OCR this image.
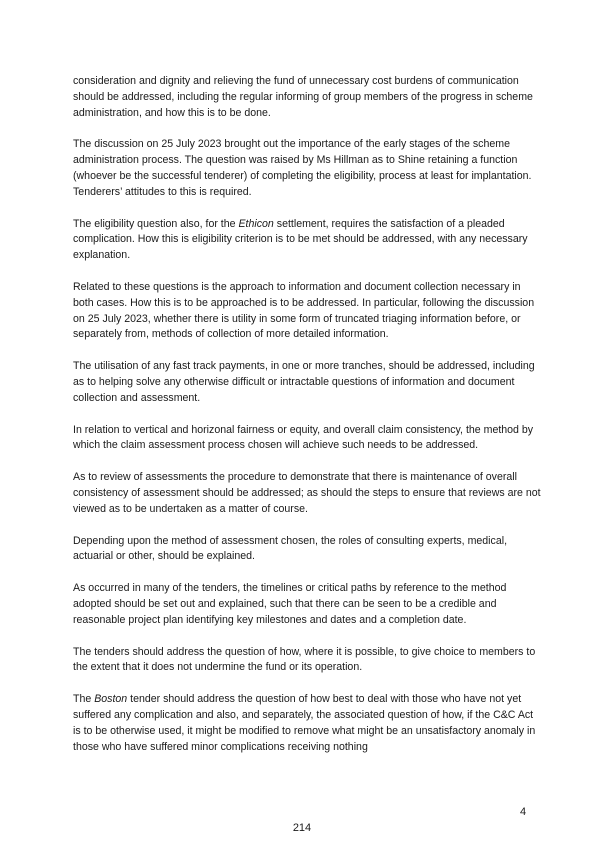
consideration and dignity and relieving the fund of unnecessary cost burdens of communication should be addressed, including the regular informing of group members of the progress in scheme administration, and how this is to be done.

The discussion on 25 July 2023 brought out the importance of the early stages of the scheme administration process. The question was raised by Ms Hillman as to Shine retaining a function (whoever be the successful tenderer) of completing the eligibility, process at least for implantation. Tenderers’ attitudes to this is required.

The eligibility question also, for the Ethicon settlement, requires the satisfaction of a pleaded complication. How this is eligibility criterion is to be met should be addressed, with any necessary explanation.

Related to these questions is the approach to information and document collection necessary in both cases. How this is to be approached is to be addressed. In particular, following the discussion on 25 July 2023, whether there is utility in some form of truncated triaging information before, or separately from, methods of collection of more detailed information.

The utilisation of any fast track payments, in one or more tranches, should be addressed, including as to helping solve any otherwise difficult or intractable questions of information and document collection and assessment.

In relation to vertical and horizonal fairness or equity, and overall claim consistency, the method by which the claim assessment process chosen will achieve such needs to be addressed.

As to review of assessments the procedure to demonstrate that there is maintenance of overall consistency of assessment should be addressed; as should the steps to ensure that reviews are not viewed as to be undertaken as a matter of course.

Depending upon the method of assessment chosen, the roles of consulting experts, medical, actuarial or other, should be explained.

As occurred in many of the tenders, the timelines or critical paths by reference to the method adopted should be set out and explained, such that there can be seen to be a credible and reasonable project plan identifying key milestones and dates and a completion date.

The tenders should address the question of how, where it is possible, to give choice to members to the extent that it does not undermine the fund or its operation.

The Boston tender should address the question of how best to deal with those who have not yet suffered any complication and also, and separately, the associated question of how, if the C&C Act is to be otherwise used, it might be modified to remove what might be an unsatisfactory anomaly in those who have suffered minor complications receiving nothing

4
214
